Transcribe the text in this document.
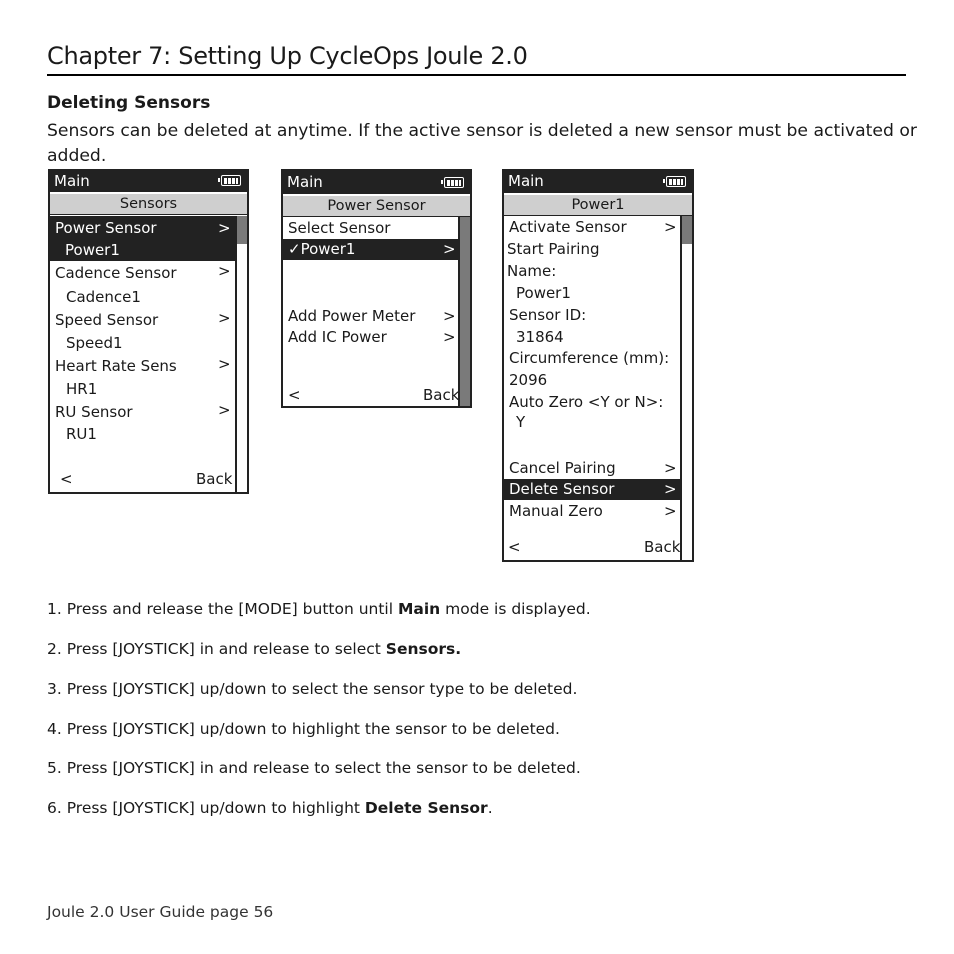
Chapter 7: Setting Up CycleOps Joule 2.0
Deleting Sensors
Sensors can be deleted at anytime. If the active sensor is deleted a new sensor must be activated or added.
Main
Sensors
Power Sensor	>
Power1
Cadence Sensor	>
Cadence1
Speed Sensor	>
Speed1
Heart Rate Sens	>
HR1
RU Sensor	>
RU1
<	Back
Main
Power Sensor
Select Sensor
✓Power1	>
Add Power Meter >
Add IC Power	>
<	Back
Main
Power1
Activate Sensor >
Start Pairing
Name:
Power1
Sensor ID:
31864
Circumference (mm):
2096
Auto Zero <Y or N>:
Y
Cancel Pairing	>
Delete Sensor	>
Manual Zero	>
<	Back
1. Press and release the [MODE] button until Main mode is displayed.
2. Press [JOYSTICK] in and release to select Sensors.
3. Press [JOYSTICK] up/down to select the sensor type to be deleted.
4. Press [JOYSTICK] up/down to highlight the sensor to be deleted.
5. Press [JOYSTICK] in and release to select the sensor to be deleted.
6. Press [JOYSTICK] up/down to highlight Delete Sensor.
Joule 2.0 User Guide page 56
